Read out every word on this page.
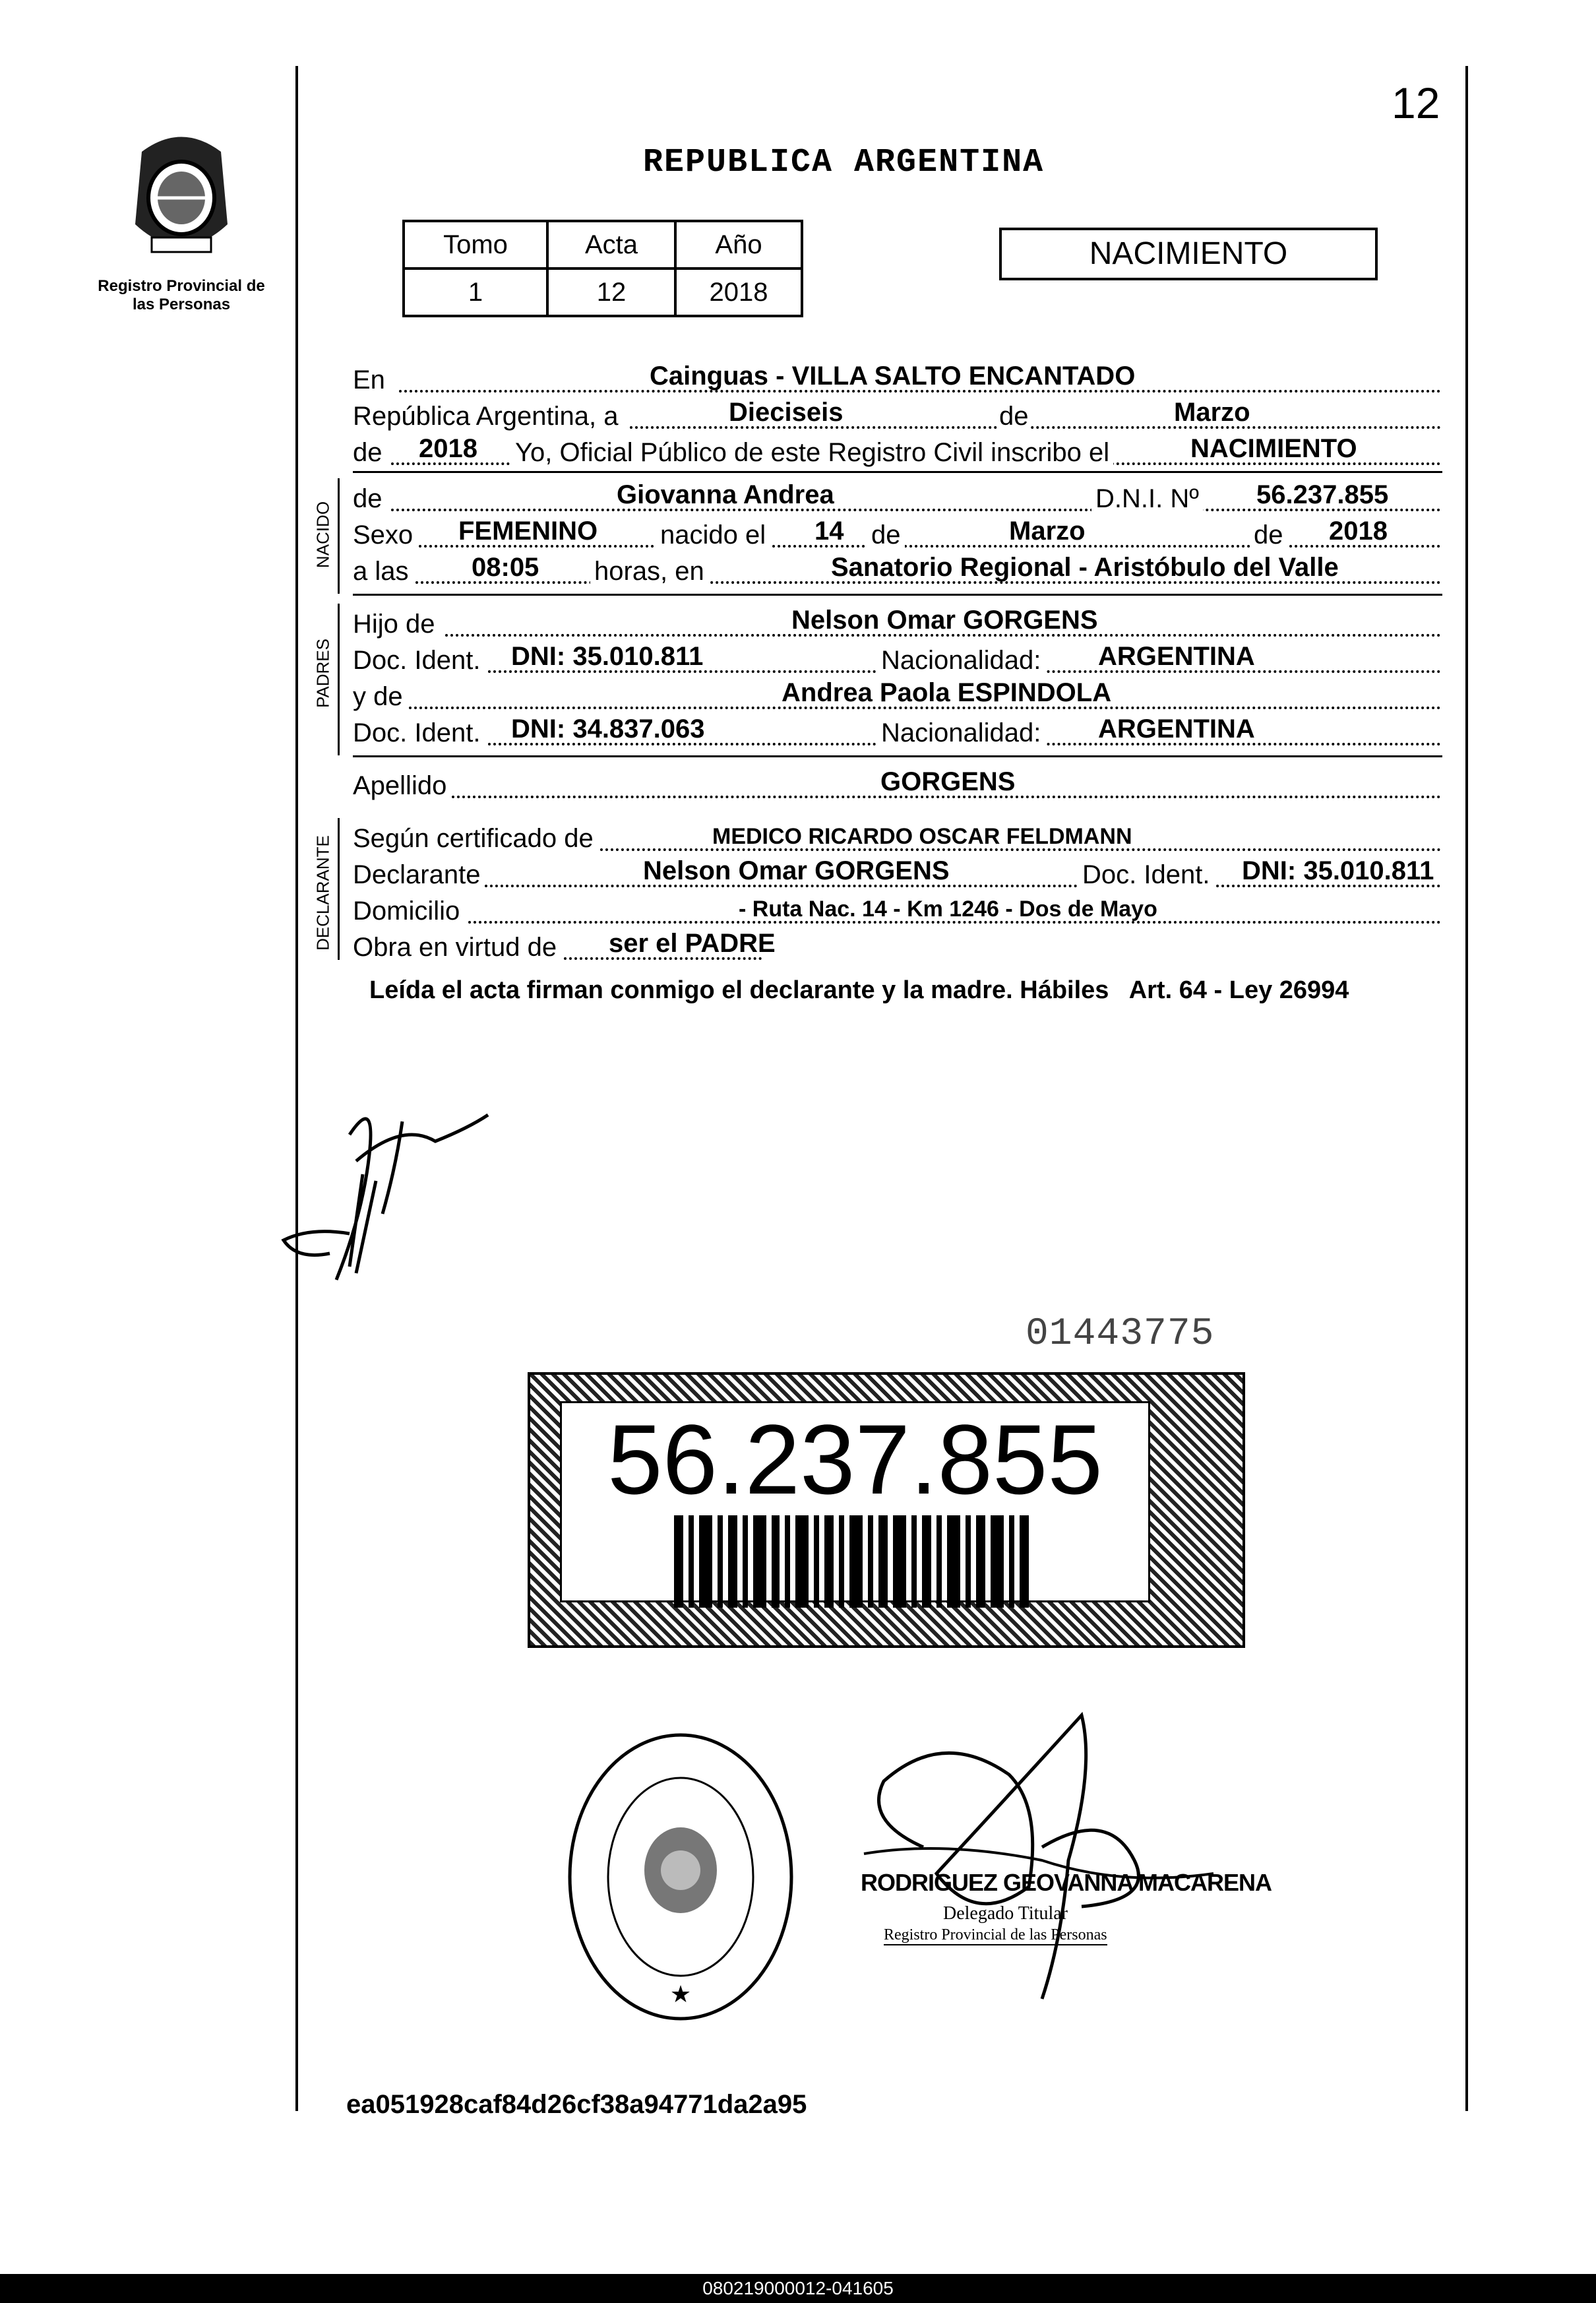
12
Registro Provincial de las Personas
REPUBLICA ARGENTINA
Tomo	Acta	Año
1	12	2018
NACIMIENTO
En	Cainguas - VILLA SALTO ENCANTADO
República Argentina, a	Dieciseis	de	Marzo
de 2018 Yo, Oficial Público de este Registro Civil inscribo el	NACIMIENTO
NACIDO
de	Giovanna Andrea	D.N.I. Nº 56.237.855
Sexo FEMENINO nacido el 14 de	Marzo	de 2018
a las 08:05 horas, en	Sanatorio Regional - Aristóbulo del Valle
PADRES
Hijo de	Nelson Omar GORGENS
Doc. Ident. DNI: 35.010.811	Nacionalidad: ARGENTINA
y de	Andrea Paola ESPINDOLA
Doc. Ident. DNI: 34.837.063	Nacionalidad: ARGENTINA
Apellido	GORGENS
DECLARANTE Según certificado de	MEDICO RICARDO OSCAR FELDMANN
Declarante	Nelson Omar GORGENS	Doc. Ident. DNI: 35.010.811
Domicilio	- Ruta Nac. 14 - Km 1246 - Dos de Mayo
Obra en virtud de ser el PADRE
Leída el acta firman conmigo el declarante y la madre. Hábiles   Art. 64 - Ley 26994
01443775
56.237.855
★
RODRIGUEZ GEOVANNA MACARENA
Delegado Titular
Registro Provincial de las Personas
ea051928caf84d26cf38a94771da2a95
080219000012-041605
